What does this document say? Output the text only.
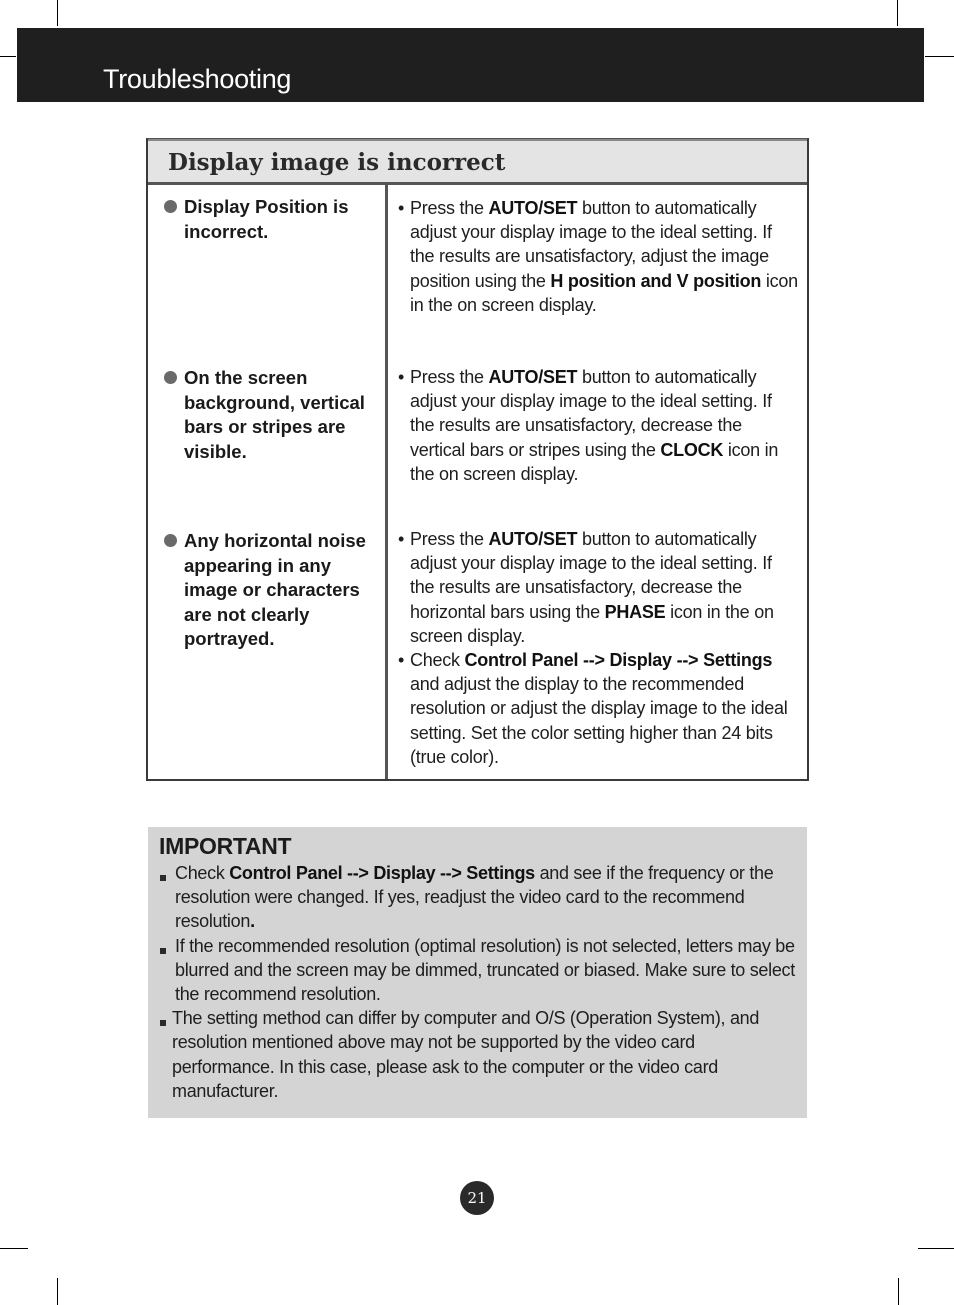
Troubleshooting
Display image is incorrect
Display Position is incorrect.
• Press the AUTO/SET button to automatically adjust your display image to the ideal setting. If the results are unsatisfactory, adjust the image position using the H position and V position icon in the on screen display.
On the screen background, vertical bars or stripes are visible.
• Press the AUTO/SET button to automatically adjust your display image to the ideal setting. If the results are unsatisfactory, decrease the vertical bars or stripes using the CLOCK icon in the on screen display.
Any horizontal noise appearing in any image or characters are not clearly portrayed.
• Press the AUTO/SET button to automatically adjust your display image to the ideal setting. If the results are unsatisfactory, decrease the horizontal bars using the PHASE icon in the on screen display.
• Check Control Panel --> Display --> Settings and adjust the display to the recommended resolution or adjust the display image to the ideal setting. Set the color setting higher than 24 bits (true color).
IMPORTANT
Check Control Panel --> Display --> Settings and see if the frequency or the resolution were changed. If yes, readjust the video card to the recommend resolution.
If the recommended resolution (optimal resolution) is not selected, letters may be blurred and the screen may be dimmed, truncated or biased. Make sure to select the recommend resolution.
The setting method can differ by computer and O/S (Operation System), and resolution mentioned above may not be supported by the video card performance. In this case, please ask to the computer or the video card manufacturer.
21
